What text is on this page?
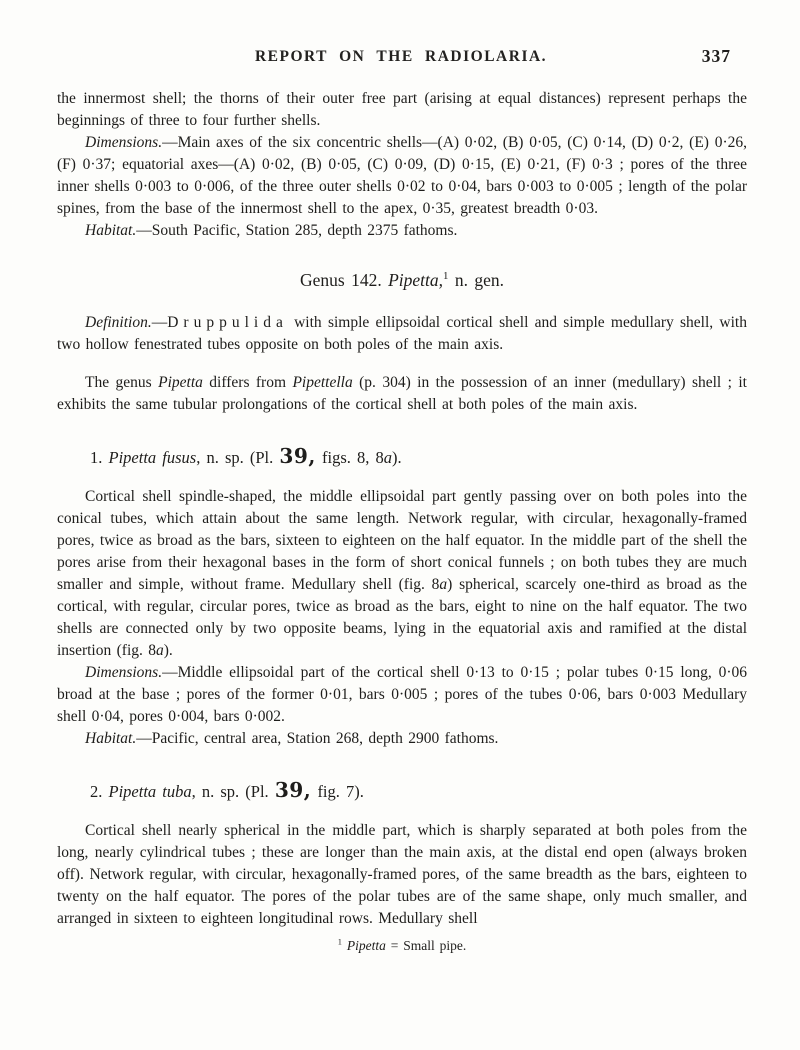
REPORT ON THE RADIOLARIA.	337

the innermost shell; the thorns of their outer free part (arising at equal distances) represent perhaps the beginnings of three to four further shells.

Dimensions.—Main axes of the six concentric shells—(A) 0·02, (B) 0·05, (C) 0·14, (D) 0·2, (E) 0·26, (F) 0·37; equatorial axes—(A) 0·02, (B) 0·05, (C) 0·09, (D) 0·15, (E) 0·21, (F) 0·3 ; pores of the three inner shells 0·003 to 0·006, of the three outer shells 0·02 to 0·04, bars 0·003 to 0·005 ; length of the polar spines, from the base of the innermost shell to the apex, 0·35, greatest breadth 0·03.

Habitat.—South Pacific, Station 285, depth 2375 fathoms.

Genus 142. Pipetta,$^1$ n. gen.

Definition.—Druppulida with simple ellipsoidal cortical shell and simple medullary shell, with two hollow fenestrated tubes opposite on both poles of the main axis.

The genus Pipetta differs from Pipettella (p. 304) in the possession of an inner (medullary) shell ; it exhibits the same tubular prolongations of the cortical shell at both poles of the main axis.

1. Pipetta fusus, n. sp. (Pl. 39, figs. 8, 8a).

Cortical shell spindle-shaped, the middle ellipsoidal part gently passing over on both poles into the conical tubes, which attain about the same length. Network regular, with circular, hexagonally-framed pores, twice as broad as the bars, sixteen to eighteen on the half equator. In the middle part of the shell the pores arise from their hexagonal bases in the form of short conical funnels ; on both tubes they are much smaller and simple, without frame. Medullary shell (fig. 8a) spherical, scarcely one-third as broad as the cortical, with regular, circular pores, twice as broad as the bars, eight to nine on the half equator. The two shells are connected only by two opposite beams, lying in the equatorial axis and ramified at the distal insertion (fig. 8a).

Dimensions.—Middle ellipsoidal part of the cortical shell 0·13 to 0·15 ; polar tubes 0·15 long, 0·06 broad at the base ; pores of the former 0·01, bars 0·005 ; pores of the tubes 0·06, bars 0·003 Medullary shell 0·04, pores 0·004, bars 0·002.

Habitat.—Pacific, central area, Station 268, depth 2900 fathoms.

2. Pipetta tuba, n. sp. (Pl. 39, fig. 7).

Cortical shell nearly spherical in the middle part, which is sharply separated at both poles from the long, nearly cylindrical tubes ; these are longer than the main axis, at the distal end open (always broken off). Network regular, with circular, hexagonally-framed pores, of the same breadth as the bars, eighteen to twenty on the half equator. The pores of the polar tubes are of the same shape, only much smaller, and arranged in sixteen to eighteen longitudinal rows. Medullary shell

$^1$ Pipetta = Small pipe.
